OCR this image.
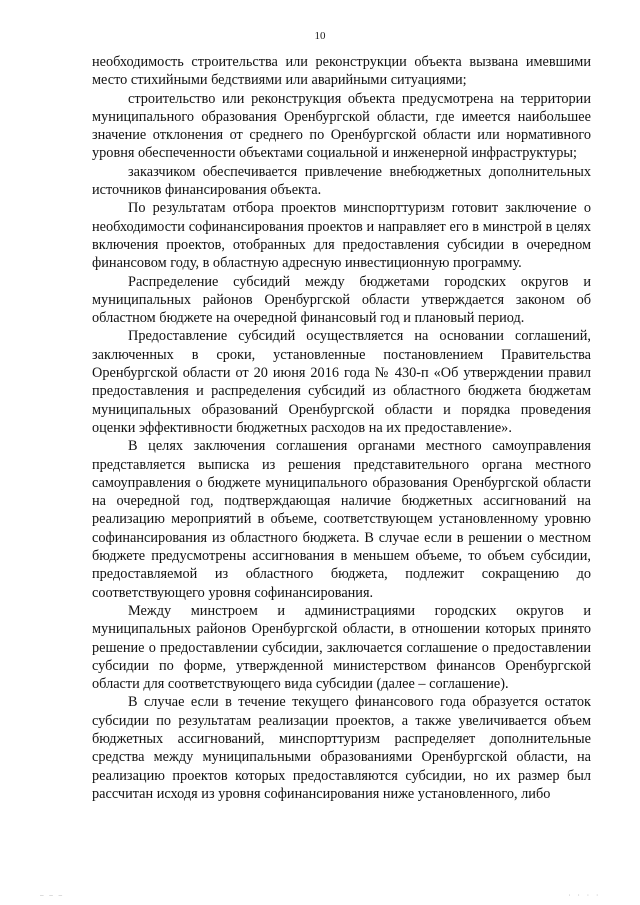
10

необходимость строительства или реконструкции объекта вызвана имевшими место стихийными бедствиями или аварийными ситуациями;

строительство или реконструкция объекта предусмотрена на территории муниципального образования Оренбургской области, где имеется наибольшее значение отклонения от среднего по Оренбургской области или нормативного уровня обеспеченности объектами социальной и инженерной инфраструктуры;

заказчиком обеспечивается привлечение внебюджетных дополнительных источников финансирования объекта.

По результатам отбора проектов минспорттуризм готовит заключение о необходимости софинансирования проектов и направляет его в минстрой в целях включения проектов, отобранных для предоставления субсидии в очередном финансовом году, в областную адресную инвестиционную программу.

Распределение субсидий между бюджетами городских округов и муниципальных районов Оренбургской области утверждается законом об областном бюджете на очередной финансовый год и плановый период.

Предоставление субсидий осуществляется на основании соглашений, заключенных в сроки, установленные постановлением Правительства Оренбургской области от 20 июня 2016 года № 430-п «Об утверждении правил предоставления и распределения субсидий из областного бюджета бюджетам муниципальных образований Оренбургской области и порядка проведения оценки эффективности бюджетных расходов на их предоставление».

В целях заключения соглашения органами местного самоуправления представляется выписка из решения представительного органа местного самоуправления о бюджете муниципального образования Оренбургской области на очередной год, подтверждающая наличие бюджетных ассигнований на реализацию мероприятий в объеме, соответствующем установленному уровню софинансирования из областного бюджета. В случае если в решении о местном бюджете предусмотрены ассигнования в меньшем объеме, то объем субсидии, предоставляемой из областного бюджета, подлежит сокращению до соответствующего уровня софинансирования.

Между минстроем и администрациями городских округов и муниципальных районов Оренбургской области, в отношении которых принято решение о предоставлении субсидии, заключается соглашение о предоставлении субсидии по форме, утвержденной министерством финансов Оренбургской области для соответствующего вида субсидии (далее – соглашение).

В случае если в течение текущего финансового года образуется остаток субсидии по результатам реализации проектов, а также увеличивается объем бюджетных ассигнований, минспорттуризм распределяет дополнительные средства между муниципальными образованиями Оренбургской области, на реализацию проектов которых предоставляются субсидии, но их размер был рассчитан исходя из уровня софинансирования ниже установленного, либо

— — —	· · · ·
